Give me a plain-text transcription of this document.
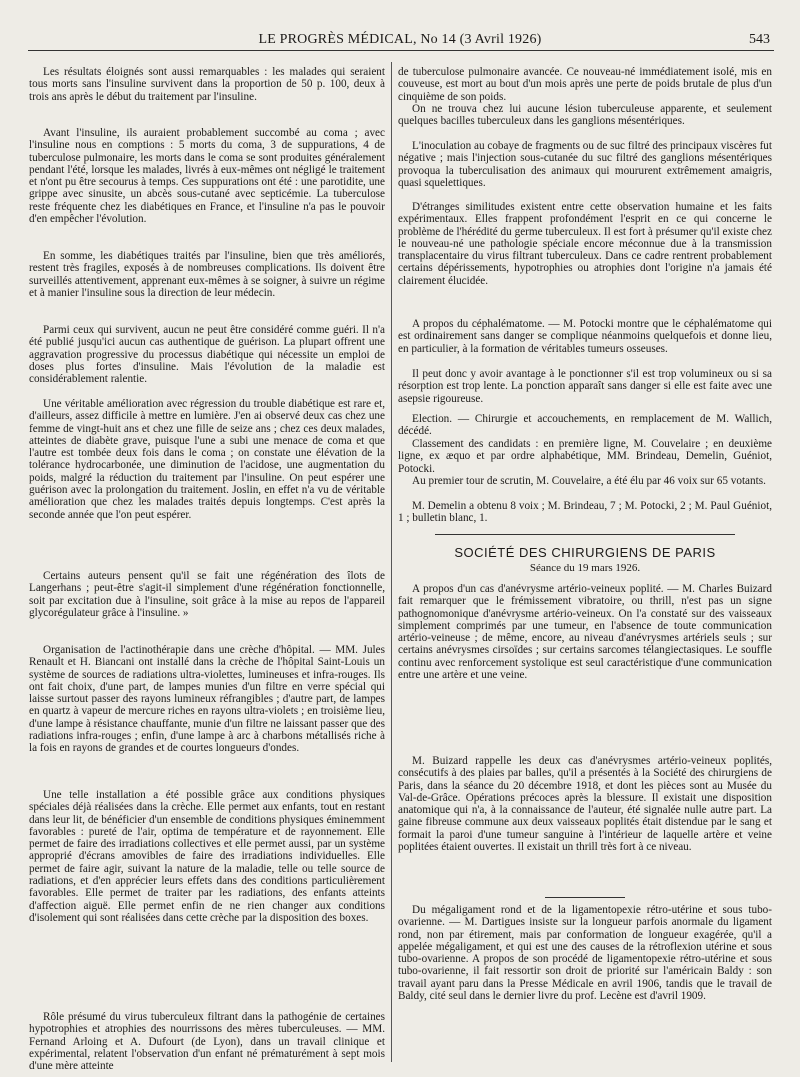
LE PROGRÈS MÉDICAL, No 14 (3 Avril 1926)	543

Les résultats éloignés sont aussi remarquables : les malades qui seraient tous morts sans l'insuline survivent dans la proportion de 50 p. 100, deux à trois ans après le début du traitement par l'insuline.

Avant l'insuline, ils auraient probablement succombé au coma ; avec l'insuline nous en comptions : 5 morts du coma, 3 de suppurations, 4 de tuberculose pulmonaire, les morts dans le coma se sont produites généralement pendant l'été, lorsque les malades, livrés à eux-mêmes ont négligé le traitement et n'ont pu être secourus à temps. Ces suppurations ont été : une parotidite, une grippe avec sinusite, un abcès sous-cutané avec septicémie. La tuberculose reste fréquente chez les diabétiques en France, et l'insuline n'a pas le pouvoir d'en empêcher l'évolution.

En somme, les diabétiques traités par l'insuline, bien que très améliorés, restent très fragiles, exposés à de nombreuses complications. Ils doivent être surveillés attentivement, apprenant eux-mêmes à se soigner, à suivre un régime et à manier l'insuline sous la direction de leur médecin.

Parmi ceux qui survivent, aucun ne peut être considéré comme guéri. Il n'a été publié jusqu'ici aucun cas authentique de guérison. La plupart offrent une aggravation progressive du processus diabétique qui nécessite un emploi de doses plus fortes d'insuline. Mais l'évolution de la maladie est considérablement ralentie.

Une véritable amélioration avec régression du trouble diabétique est rare et, d'ailleurs, assez difficile à mettre en lumière. J'en ai observé deux cas chez une femme de vingt-huit ans et chez une fille de seize ans ; chez ces deux malades, atteintes de diabète grave, puisque l'une a subi une menace de coma et que l'autre est tombée deux fois dans le coma ; on constate une élévation de la tolérance hydrocarbonée, une diminution de l'acidose, une augmentation du poids, malgré la réduction du traitement par l'insuline. On peut espérer une guérison avec la prolongation du traitement. Joslin, en effet n'a vu de véritable amélioration que chez les malades traités depuis longtemps. C'est après la seconde année que l'on peut espérer.

Certains auteurs pensent qu'il se fait une régénération des îlots de Langerhans ; peut-être s'agit-il simplement d'une régénération fonctionnelle, soit par excitation due à l'insuline, soit grâce à la mise au repos de l'appareil glycorégulateur grâce à l'insuline. »

Organisation de l'actinothérapie dans une crèche d'hôpital. — MM. Jules Renault et H. Biancani ont installé dans la crèche de l'hôpital Saint-Louis un système de sources de radiations ultra-violettes, lumineuses et infra-rouges. Ils ont fait choix, d'une part, de lampes munies d'un filtre en verre spécial qui laisse surtout passer des rayons lumineux réfrangibles ; d'autre part, de lampes en quartz à vapeur de mercure riches en rayons ultra-violets ; en troisième lieu, d'une lampe à résistance chauffante, munie d'un filtre ne laissant passer que des radiations infra-rouges ; enfin, d'une lampe à arc à charbons métallisés riche à la fois en rayons de grandes et de courtes longueurs d'ondes.

Une telle installation a été possible grâce aux conditions physiques spéciales déjà réalisées dans la crèche. Elle permet aux enfants, tout en restant dans leur lit, de bénéficier d'un ensemble de conditions physiques éminemment favorables : pureté de l'air, optima de température et de rayonnement. Elle permet de faire des irradiations collectives et elle permet aussi, par un système approprié d'écrans amovibles de faire des irradiations individuelles. Elle permet de faire agir, suivant la nature de la maladie, telle ou telle source de radiations, et d'en apprécier leurs effets dans des conditions particulièrement favorables. Elle permet de traiter par les radiations, des enfants atteints d'affection aiguë. Elle permet enfin de ne rien changer aux conditions d'isolement qui sont réalisées dans cette crèche par la disposition des boxes.

Rôle présumé du virus tuberculeux filtrant dans la pathogénie de certaines hypotrophies et atrophies des nourrissons des mères tuberculeuses. — MM. Fernand Arloing et A. Dufourt (de Lyon), dans un travail clinique et expérimental, relatent l'observation d'un enfant né prématurément à sept mois d'une mère atteinte

de tuberculose pulmonaire avancée. Ce nouveau-né immédiatement isolé, mis en couveuse, est mort au bout d'un mois après une perte de poids brutale de plus d'un cinquième de son poids.

On ne trouva chez lui aucune lésion tuberculeuse apparente, et seulement quelques bacilles tuberculeux dans les ganglions mésentériques.

L'inoculation au cobaye de fragments ou de suc filtré des principaux viscères fut négative ; mais l'injection sous-cutanée du suc filtré des ganglions mésentériques provoqua la tuberculisation des animaux qui moururent extrêmement amaigris, quasi squelettiques.

D'étranges similitudes existent entre cette observation humaine et les faits expérimentaux. Elles frappent profondément l'esprit en ce qui concerne le problème de l'hérédité du germe tuberculeux. Il est fort à présumer qu'il existe chez le nouveau-né une pathologie spéciale encore méconnue due à la transmission transplacentaire du virus filtrant tuberculeux. Dans ce cadre rentrent probablement certains dépérissements, hypotrophies ou atrophies dont l'origine n'a jamais été clairement élucidée.

A propos du céphalématome. — M. Potocki montre que le céphalématome qui est ordinairement sans danger se complique néanmoins quelquefois et donne lieu, en particulier, à la formation de véritables tumeurs osseuses.

Il peut donc y avoir avantage à le ponctionner s'il est trop volumineux ou si sa résorption est trop lente. La ponction apparaît sans danger si elle est faite avec une asepsie rigoureuse.

Election. — Chirurgie et accouchements, en remplacement de M. Wallich, décédé.

Classement des candidats : en première ligne, M. Couvelaire ; en deuxième ligne, ex æquo et par ordre alphabétique, MM. Brindeau, Demelin, Guéniot, Potocki.

Au premier tour de scrutin, M. Couvelaire, a été élu par 46 voix sur 65 votants.

M. Demelin a obtenu 8 voix ; M. Brindeau, 7 ; M. Potocki, 2 ; M. Paul Guéniot, 1 ; bulletin blanc, 1.

SOCIÉTÉ DES CHIRURGIENS DE PARIS

Séance du 19 mars 1926.

A propos d'un cas d'anévrysme artério-veineux poplité. — M. Charles Buizard fait remarquer que le frémissement vibratoire, ou thrill, n'est pas un signe pathognomonique d'anévrysme artério-veineux. On l'a constaté sur des vaisseaux simplement comprimés par une tumeur, en l'absence de toute communication artério-veineuse ; de même, encore, au niveau d'anévrysmes artériels seuls ; sur certains anévrysmes cirsoïdes ; sur certains sarcomes télangiectasiques. Le souffle continu avec renforcement systolique est seul caractéristique d'une communication entre une artère et une veine.

M. Buizard rappelle les deux cas d'anévrysmes artério-veineux poplités, consécutifs à des plaies par balles, qu'il a présentés à la Société des chirurgiens de Paris, dans la séance du 20 décembre 1918, et dont les pièces sont au Musée du Val-de-Grâce. Opérations précoces après la blessure. Il existait une disposition anatomique qui n'a, à la connaissance de l'auteur, été signalée nulle autre part. La gaine fibreuse commune aux deux vaisseaux poplités était distendue par le sang et formait la paroi d'une tumeur sanguine à l'intérieur de laquelle artère et veine poplitées étaient ouvertes. Il existait un thrill très fort à ce niveau.

Du mégaligament rond et de la ligamentopexie rétro-utérine et sous tubo-ovarienne. — M. Dartigues insiste sur la longueur parfois anormale du ligament rond, non par étirement, mais par conformation de longueur exagérée, qu'il a appelée mégaligament, et qui est une des causes de la rétroflexion utérine et sous tubo-ovarienne. A propos de son procédé de ligamentopexie rétro-utérine et sous tubo-ovarienne, il fait ressortir son droit de priorité sur l'américain Baldy : son travail ayant paru dans la Presse Médicale en avril 1906, tandis que le travail de Baldy, cité seul dans le dernier livre du prof. Lecène est d'avril 1909.
